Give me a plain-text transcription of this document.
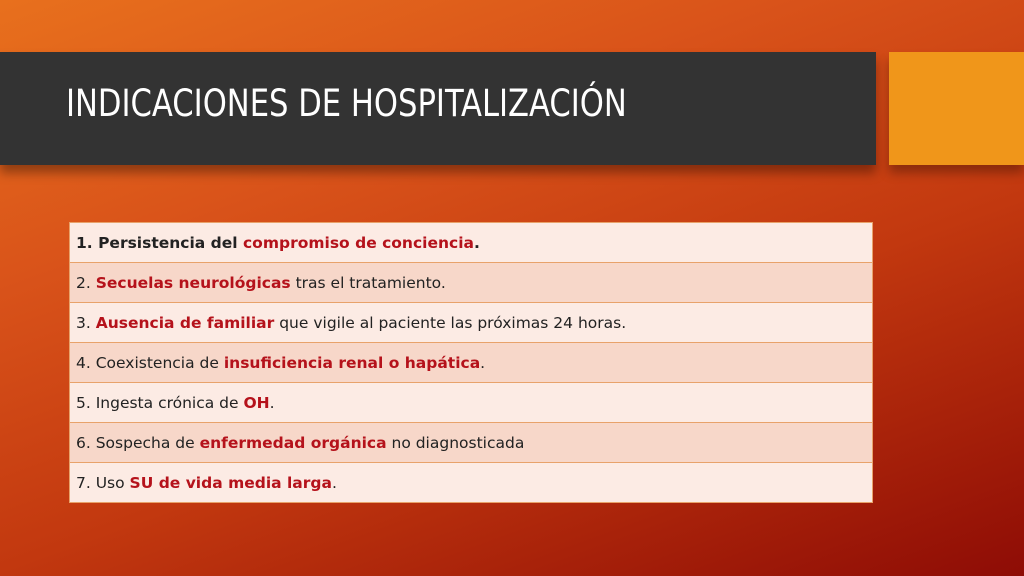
INDICACIONES DE HOSPITALIZACIÓN
1. Persistencia del compromiso de conciencia.
2. Secuelas neurológicas tras el tratamiento.
3. Ausencia de familiar que vigile al paciente las próximas 24 horas.
4. Coexistencia de insuficiencia renal o hapática.
5. Ingesta crónica de OH.
6. Sospecha de enfermedad orgánica no diagnosticada
7. Uso SU de vida media larga.
